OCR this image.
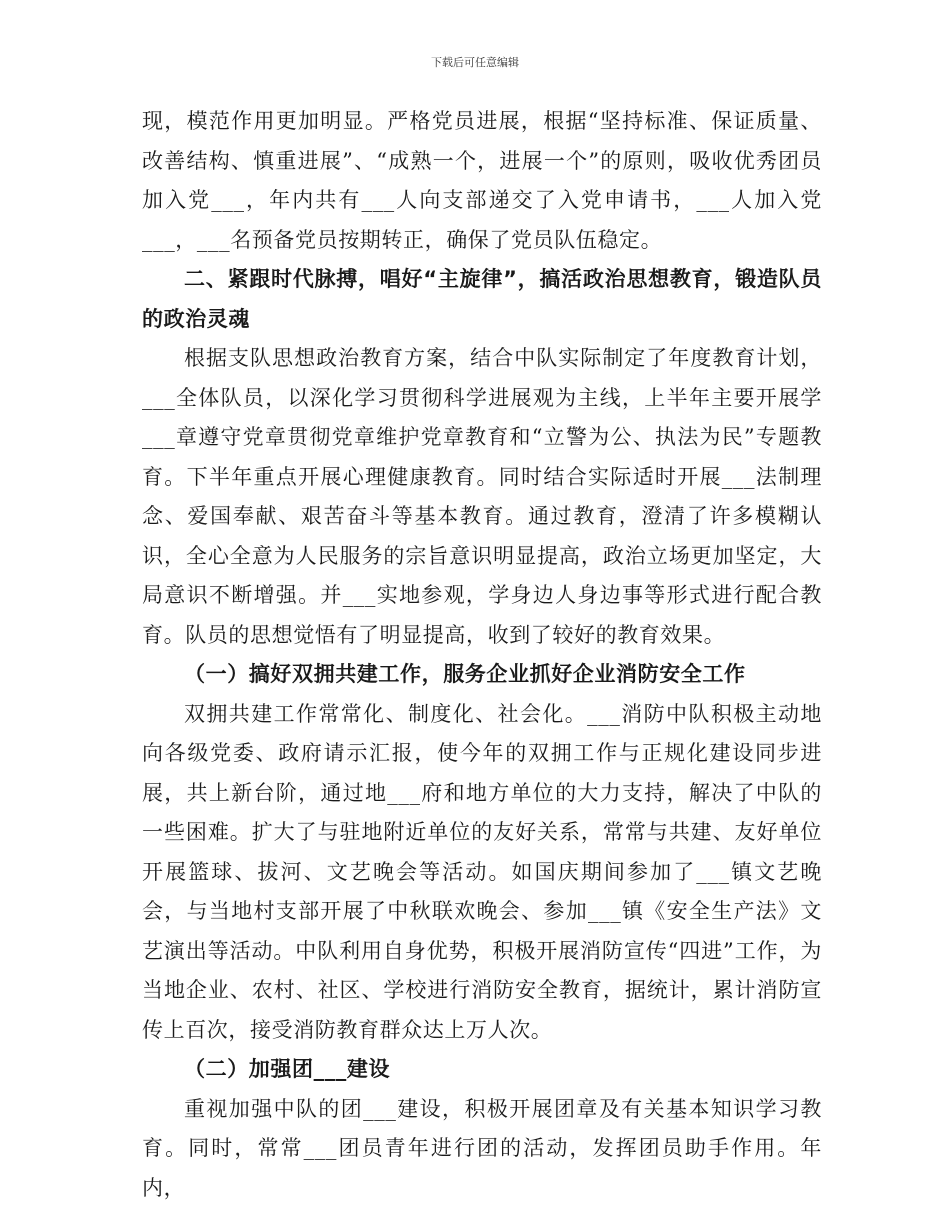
下载后可任意编辑

现，模范作用更加明显。严格党员进展，根据“坚持标准、保证质量、改善结构、慎重进展”、“成熟一个，进展一个”的原则，吸收优秀团员加入党___，年内共有___人向支部递交了入党申请书，___人加入党___，___名预备党员按期转正，确保了党员队伍稳定。

二、紧跟时代脉搏，唱好“主旋律”，搞活政治思想教育，锻造队员的政治灵魂

根据支队思想政治教育方案，结合中队实际制定了年度教育计划，___全体队员，以深化学习贯彻科学进展观为主线，上半年主要开展学___章遵守党章贯彻党章维护党章教育和“立警为公、执法为民”专题教育。下半年重点开展心理健康教育。同时结合实际适时开展___法制理念、爱国奉献、艰苦奋斗等基本教育。通过教育，澄清了许多模糊认识，全心全意为人民服务的宗旨意识明显提高，政治立场更加坚定，大局意识不断增强。并___实地参观，学身边人身边事等形式进行配合教育。队员的思想觉悟有了明显提高，收到了较好的教育效果。

（一）搞好双拥共建工作，服务企业抓好企业消防安全工作

双拥共建工作常常化、制度化、社会化。___消防中队积极主动地向各级党委、政府请示汇报，使今年的双拥工作与正规化建设同步进展，共上新台阶，通过地___府和地方单位的大力支持，解决了中队的一些困难。扩大了与驻地附近单位的友好关系，常常与共建、友好单位开展篮球、拔河、文艺晚会等活动。如国庆期间参加了___镇文艺晚会，与当地村支部开展了中秋联欢晚会、参加___镇《安全生产法》文艺演出等活动。中队利用自身优势，积极开展消防宣传“四进”工作，为当地企业、农村、社区、学校进行消防安全教育，据统计，累计消防宣传上百次，接受消防教育群众达上万人次。

（二）加强团___建设

重视加强中队的团___建设，积极开展团章及有关基本知识学习教育。同时，常常___团员青年进行团的活动，发挥团员助手作用。年内，
